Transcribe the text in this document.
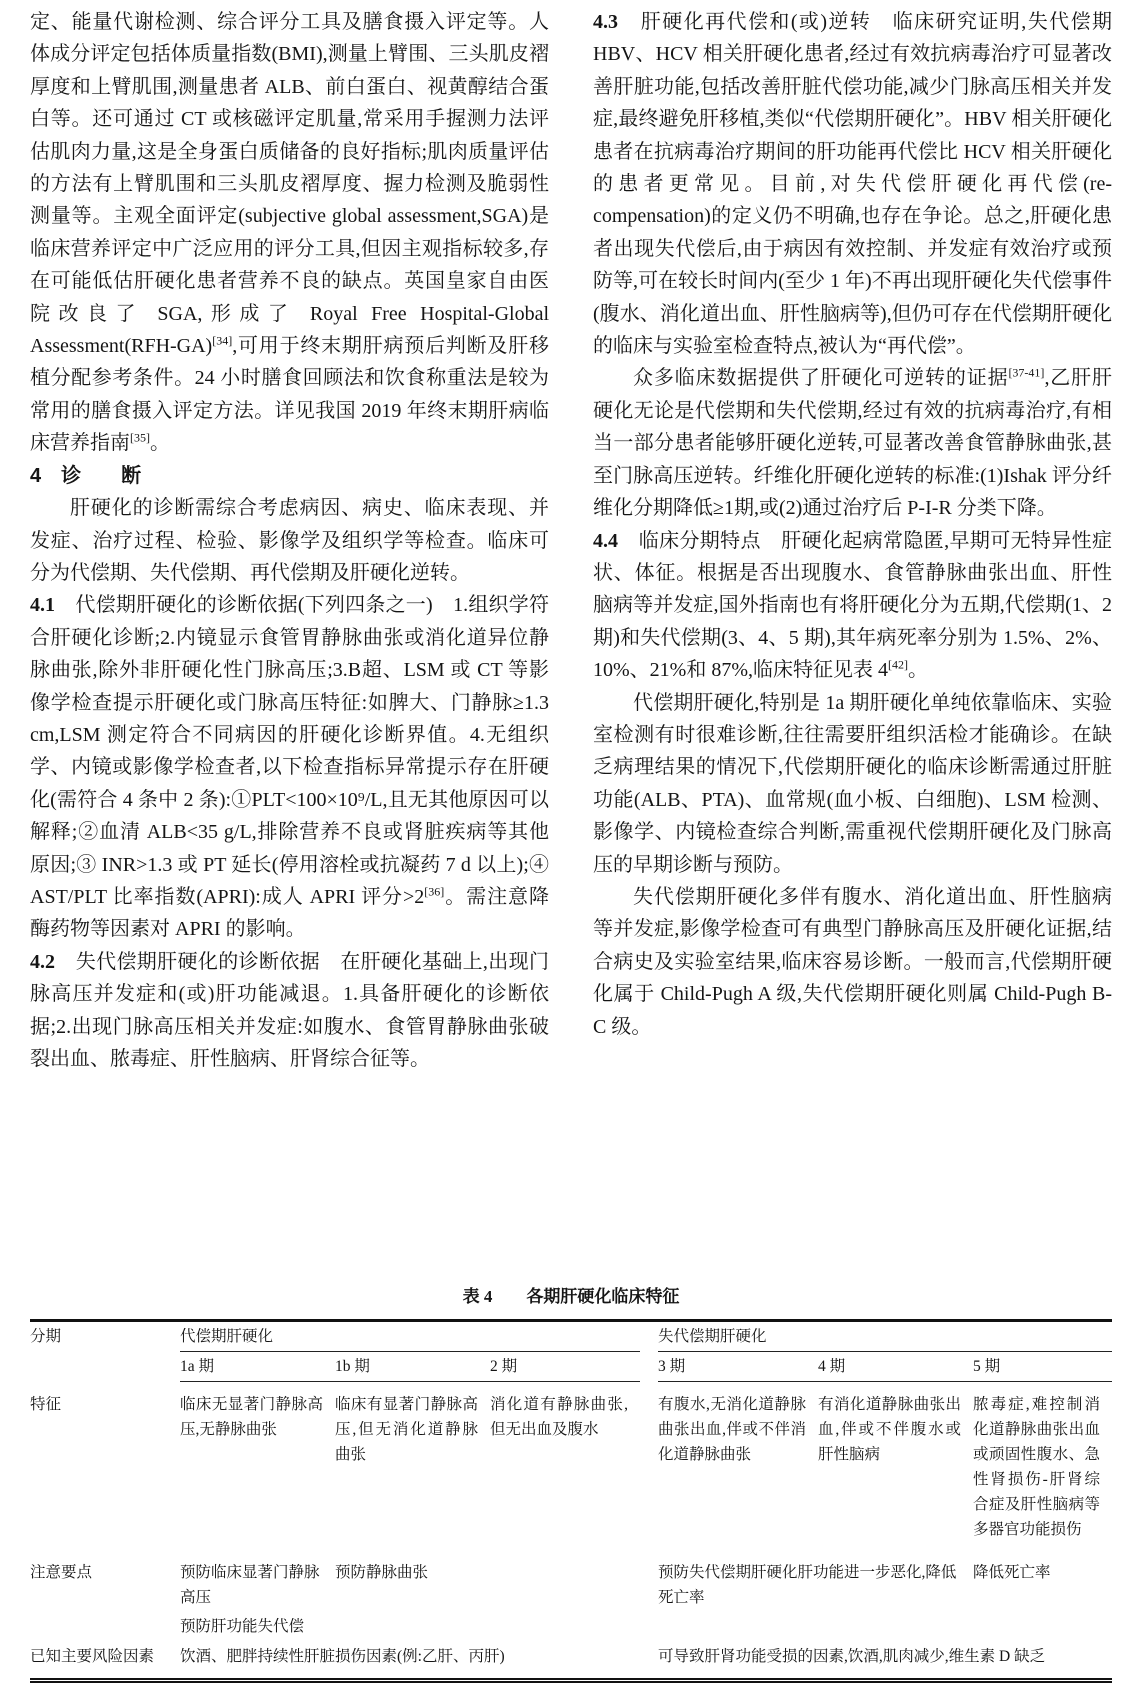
定、能量代谢检测、综合评分工具及膳食摄入评定等。人体成分评定包括体质量指数(BMI),测量上臂围、三头肌皮褶厚度和上臂肌围,测量患者 ALB、前白蛋白、视黄醇结合蛋白等。还可通过 CT 或核磁评定肌量,常采用手握测力法评估肌肉力量,这是全身蛋白质储备的良好指标;肌肉质量评估的方法有上臂肌围和三头肌皮褶厚度、握力检测及脆弱性测量等。主观全面评定(subjective global assessment,SGA)是临床营养评定中广泛应用的评分工具,但因主观指标较多,存在可能低估肝硬化患者营养不良的缺点。英国皇家自由医院改良了 SGA,形成了 Royal Free Hospital-Global Assessment(RFH-GA)[34],可用于终末期肝病预后判断及肝移植分配参考条件。24 小时膳食回顾法和饮食称重法是较为常用的膳食摄入评定方法。详见我国 2019 年终末期肝病临床营养指南[35]。

4　诊　　断

肝硬化的诊断需综合考虑病因、病史、临床表现、并发症、治疗过程、检验、影像学及组织学等检查。临床可分为代偿期、失代偿期、再代偿期及肝硬化逆转。

4.1　代偿期肝硬化的诊断依据(下列四条之一)　1.组织学符合肝硬化诊断;2.内镜显示食管胃静脉曲张或消化道异位静脉曲张,除外非肝硬化性门脉高压;3.B超、LSM 或 CT 等影像学检查提示肝硬化或门脉高压特征:如脾大、门静脉≥1.3 cm,LSM 测定符合不同病因的肝硬化诊断界值。4.无组织学、内镜或影像学检查者,以下检查指标异常提示存在肝硬化(需符合 4 条中 2 条):①PLT<100×10⁹/L,且无其他原因可以解释;②血清 ALB<35 g/L,排除营养不良或肾脏疾病等其他原因;③ INR>1.3 或 PT 延长(停用溶栓或抗凝药 7 d 以上);④ AST/PLT 比率指数(APRI):成人 APRI 评分>2[36]。需注意降酶药物等因素对 APRI 的影响。

4.2　失代偿期肝硬化的诊断依据　在肝硬化基础上,出现门脉高压并发症和(或)肝功能减退。1.具备肝硬化的诊断依据;2.出现门脉高压相关并发症:如腹水、食管胃静脉曲张破裂出血、脓毒症、肝性脑病、肝肾综合征等。

4.3　肝硬化再代偿和(或)逆转　临床研究证明,失代偿期 HBV、HCV 相关肝硬化患者,经过有效抗病毒治疗可显著改善肝脏功能,包括改善肝脏代偿功能,减少门脉高压相关并发症,最终避免肝移植,类似“代偿期肝硬化”。HBV 相关肝硬化患者在抗病毒治疗期间的肝功能再代偿比 HCV 相关肝硬化的患者更常见。目前,对失代偿肝硬化再代偿(re-compensation)的定义仍不明确,也存在争论。总之,肝硬化患者出现失代偿后,由于病因有效控制、并发症有效治疗或预防等,可在较长时间内(至少 1 年)不再出现肝硬化失代偿事件(腹水、消化道出血、肝性脑病等),但仍可存在代偿期肝硬化的临床与实验室检查特点,被认为“再代偿”。

众多临床数据提供了肝硬化可逆转的证据[37-41],乙肝肝硬化无论是代偿期和失代偿期,经过有效的抗病毒治疗,有相当一部分患者能够肝硬化逆转,可显著改善食管静脉曲张,甚至门脉高压逆转。纤维化肝硬化逆转的标准:(1)Ishak 评分纤维化分期降低≥1期,或(2)通过治疗后 P-I-R 分类下降。

4.4　临床分期特点　肝硬化起病常隐匿,早期可无特异性症状、体征。根据是否出现腹水、食管静脉曲张出血、肝性脑病等并发症,国外指南也有将肝硬化分为五期,代偿期(1、2 期)和失代偿期(3、4、5 期),其年病死率分别为 1.5%、2%、10%、21%和 87%,临床特征见表 4[42]。

代偿期肝硬化,特别是 1a 期肝硬化单纯依靠临床、实验室检测有时很难诊断,往往需要肝组织活检才能确诊。在缺乏病理结果的情况下,代偿期肝硬化的临床诊断需通过肝脏功能(ALB、PTA)、血常规(血小板、白细胞)、LSM 检测、影像学、内镜检查综合判断,需重视代偿期肝硬化及门脉高压的早期诊断与预防。

失代偿期肝硬化多伴有腹水、消化道出血、肝性脑病等并发症,影像学检查可有典型门静脉高压及肝硬化证据,结合病史及实验室结果,临床容易诊断。一般而言,代偿期肝硬化属于 Child-Pugh A 级,失代偿期肝硬化则属 Child-Pugh B-C 级。

表 4　　各期肝硬化临床特征
分期	代偿期肝硬化				失代偿期肝硬化		
	1a 期	1b 期	2 期		3 期	4 期	5 期
特征	临床无显著门静脉高压,无静脉曲张	临床有显著门静脉高压,但无消化道静脉曲张	消化道有静脉曲张,但无出血及腹水		有腹水,无消化道静脉曲张出血,伴或不伴消化道静脉曲张	有消化道静脉曲张出血,伴或不伴腹水或肝性脑病	脓毒症,难控制消化道静脉曲张出血或顽固性腹水、急性肾损伤-肝肾综合症及肝性脑病等多器官功能损伤
注意要点	预防临床显著门静脉高压	预防静脉曲张			预防失代偿期肝硬化肝功能进一步恶化,降低死亡率		降低死亡率
	预防肝功能失代偿						
已知主要风险因素	饮酒、肥胖持续性肝脏损伤因素(例:乙肝、丙肝)				可导致肝肾功能受损的因素,饮酒,肌肉减少,维生素 D 缺乏		
